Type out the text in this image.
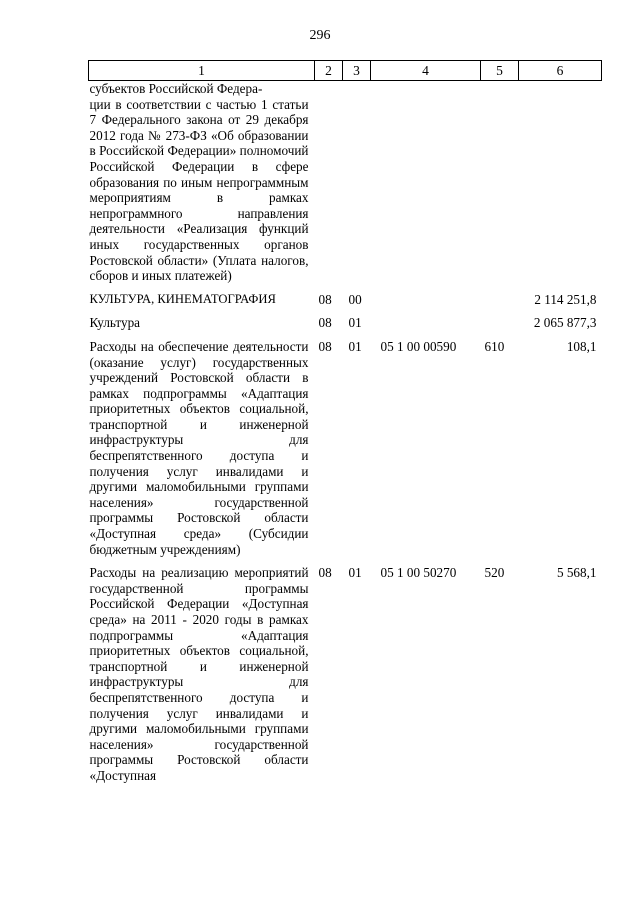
296
1	2	3	4	5	6
субъектов Российской Федера-
ции в соответствии с частью 1 статьи 7 Федерального закона от 29 декабря 2012 года № 273-ФЗ «Об образовании в Российской Федерации» полномочий Российской Федерации в сфере образования по иным непрограммным мероприятиям в рамках непрограммного направления деятельности «Реализация функций иных государственных органов Ростовской области» (Уплата налогов, сборов и иных платежей)					

КУЛЬТУРА, КИНЕМАТОГРАФИЯ	08	00			2 114 251,8

Культура	08	01			2 065 877,3

Расходы на обеспечение деятельности (оказание услуг) государственных учреждений Ростовской области в рамках подпрограммы «Адаптация приоритетных объектов социальной, транспортной и инженерной инфраструктуры для беспрепятственного доступа и получения услуг инвалидами и другими маломобильными группами населения» государственной программы Ростовской области «Доступная среда» (Субсидии бюджетным учреждениям)	08	01	05 1 00 00590	610	108,1

Расходы на реализацию мероприятий государственной программы Российской Федерации «Доступная среда» на 2011 - 2020 годы в рамках подпрограммы «Адаптация приоритетных объектов социальной, транспортной и инженерной инфраструктуры для беспрепятственного доступа и получения услуг инвалидами и другими маломобильными группами населения» государственной программы Ростовской области «Доступная	08	01	05 1 00 50270	520	5 568,1
